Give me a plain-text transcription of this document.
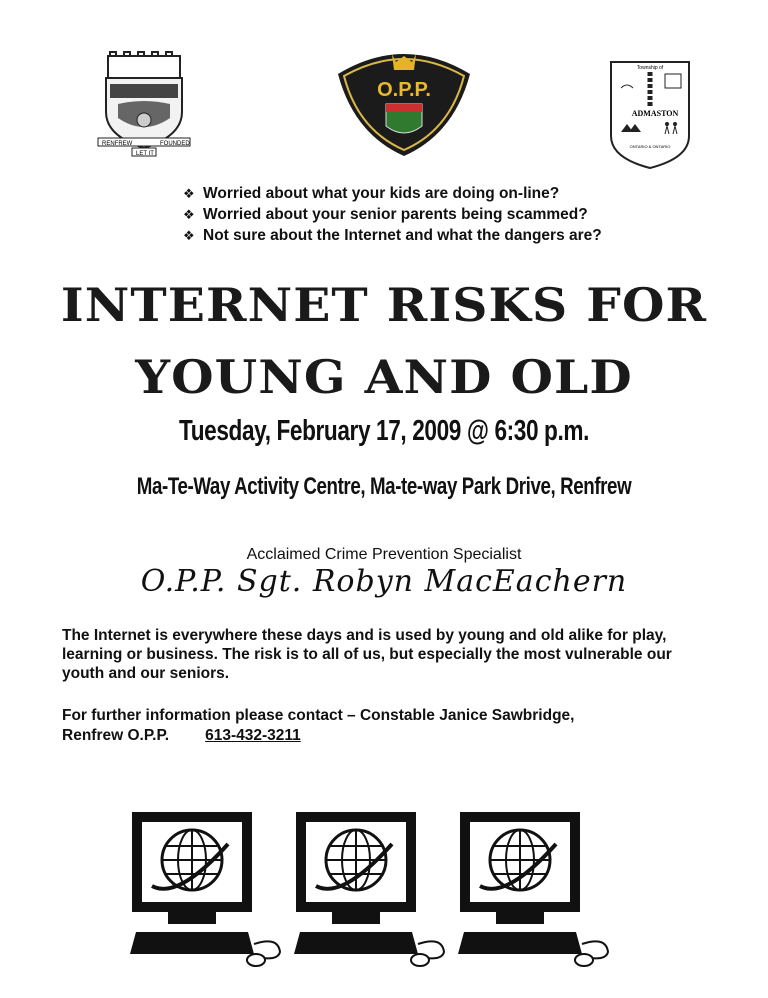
RENFREW	FOUNDED
LET IT
O.P.P.
Township of
ADMASTON
ONTARIO & ONTARIO
❖ Worried about what your kids are doing on-line?
❖ Worried about your senior parents being scammed?
❖ Not sure about the Internet and what the dangers are?
INTERNET RISKS FOR
YOUNG AND OLD
Tuesday, February 17, 2009 @ 6:30 p.m.
Ma-Te-Way Activity Centre, Ma-te-way Park Drive, Renfrew
Acclaimed Crime Prevention Specialist
O.P.P. Sgt. Robyn MacEachern
The Internet is everywhere these days and is used by young and old alike for play, learning or business. The risk is to all of us, but especially the most vulnerable our youth and our seniors.
For further information please contact – Constable Janice Sawbridge,
Renfrew O.P.P. 613-432-3211
